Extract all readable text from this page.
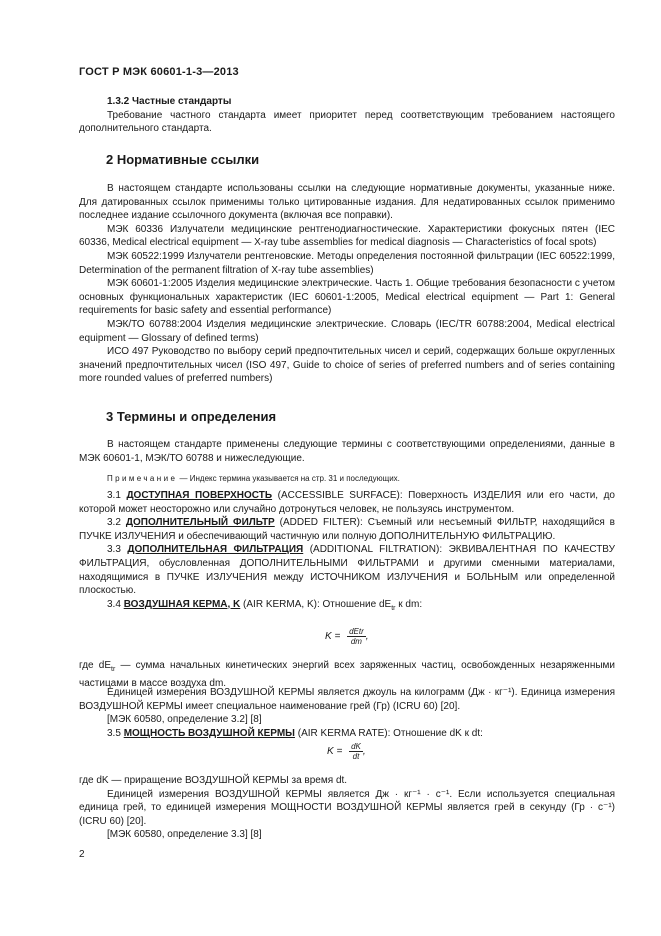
ГОСТ Р МЭК 60601-1-3—2013

1.3.2 Частные стандарты

Требование частного стандарта имеет приоритет перед соответствующим требованием настоящего дополнительного стандарта.

2 Нормативные ссылки

В настоящем стандарте использованы ссылки на следующие нормативные документы, указанные ниже. Для датированных ссылок применимы только цитированные издания. Для недатированных ссылок применимо последнее издание ссылочного документа (включая все поправки).

МЭК 60336 Излучатели медицинские рентгенодиагностические. Характеристики фокусных пятен (IEC 60336, Medical electrical equipment — X-ray tube assemblies for medical diagnosis — Characteristics of focal spots)

МЭК 60522:1999 Излучатели рентгеновские. Методы определения постоянной фильтрации (IEC 60522:1999, Determination of the permanent filtration of X-ray tube assemblies)

МЭК 60601-1:2005 Изделия медицинские электрические. Часть 1. Общие требования безопасности с учетом основных функциональных характеристик (IEC 60601-1:2005, Medical electrical equipment — Part 1: General requirements for basic safety and essential performance)

МЭК/ТО 60788:2004 Изделия медицинские электрические. Словарь (IEC/TR 60788:2004, Medical electrical equipment — Glossary of defined terms)

ИСО 497 Руководство по выбору серий предпочтительных чисел и серий, содержащих больше округленных значений предпочтительных чисел (ISO 497, Guide to choice of series of preferred numbers and of series containing more rounded values of preferred numbers)

3 Термины и определения

В настоящем стандарте применены следующие термины с соответствующими определениями, данные в МЭК 60601-1, МЭК/ТО 60788 и нижеследующие.

Примечание — Индекс термина указывается на стр. 31 и последующих.

3.1 ДОСТУПНАЯ ПОВЕРХНОСТЬ (ACCESSIBLE SURFACE): Поверхность ИЗДЕЛИЯ или его части, до которой может неосторожно или случайно дотронуться человек, не пользуясь инструментом.

3.2 ДОПОЛНИТЕЛЬНЫЙ ФИЛЬТР (ADDED FILTER): Съемный или несъемный ФИЛЬТР, находящийся в ПУЧКЕ ИЗЛУЧЕНИЯ и обеспечивающий частичную или полную ДОПОЛНИТЕЛЬНУЮ ФИЛЬТРАЦИЮ.

3.3 ДОПОЛНИТЕЛЬНАЯ ФИЛЬТРАЦИЯ (ADDITIONAL FILTRATION): ЭКВИВАЛЕНТНАЯ ПО КАЧЕСТВУ ФИЛЬТРАЦИЯ, обусловленная ДОПОЛНИТЕЛЬНЫМИ ФИЛЬТРАМИ и другими сменными материалами, находящимися в ПУЧКЕ ИЗЛУЧЕНИЯ между ИСТОЧНИКОМ ИЗЛУЧЕНИЯ и БОЛЬНЫМ или определенной плоскостью.

3.4 ВОЗДУШНАЯ КЕРМА, K (AIR KERMA, K): Отношение $dE_{tr}$ к dm:

$K = \frac{\text{dEtr}}{dm}$ ,

где $dE_{tr}$ — сумма начальных кинетических энергий всех заряженных частиц, освобожденных незаряженными частицами в массе воздуха dm.

Единицей измерения ВОЗДУШНОЙ КЕРМЫ является джоуль на килограмм (Дж · кг⁻¹). Единица измерения ВОЗДУШНОЙ КЕРМЫ имеет специальное наименование грей (Гр) (ICRU 60) [20].

[МЭК 60580, определение 3.2] [8]

3.5 МОЩНОСТЬ ВОЗДУШНОЙ КЕРМЫ (AIR KERMA RATE): Отношение dK к dt:

$K = \frac{dK}{dt}$ ,

где dK — приращение ВОЗДУШНОЙ КЕРМЫ за время dt.

Единицей измерения ВОЗДУШНОЙ КЕРМЫ является Дж · кг⁻¹ · с⁻¹. Если используется специальная единица грей, то единицей измерения МОЩНОСТИ ВОЗДУШНОЙ КЕРМЫ является грей в секунду (Гр · с⁻¹) (ICRU 60) [20].

[МЭК 60580, определение 3.3] [8]

2
